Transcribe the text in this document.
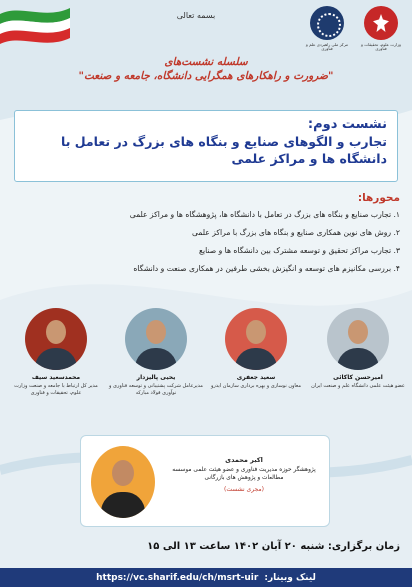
وزارت علوم، تحقیقات و فناوری
مرکز ملی راهبردی علم و فناوری
بسمه تعالی
سلسله نشست‌های
"ضرورت و راهکارهای همگرایی دانشگاه، جامعه و صنعت"
نشست دوم:
تجارب و الگوهای صنایع و بنگاه های بزرگ در تعامل با دانشگاه ها و مراکز علمی
محورها:
۱. تجارب صنایع و بنگاه های بزرگ در تعامل با دانشگاه ها، پژوهشگاه ها و مراکز علمی
۲. روش های نوین همکاری صنایع و بنگاه های بزرگ با مراکز علمی
۳. تجارب مراکز تحقیق و توسعه مشترک بین دانشگاه ها و صنایع
۴. بررسی مکانیزم های توسعه و انگیزش بخشی طرفین در همکاری صنعت و دانشگاه
امیرحسن کاکائی
عضو هیئت علمی دانشگاه علم و صنعت ایران
سعید جعفری
معاون نوسازی و بهره برداری سازمان ایدرو
یحیی پالیزدار
مدیرعامل شرکت پشتیبانی و توسعه فناوری و نوآوری فولاد مبارکه
محمدسعید سیف
مدیر کل ارتباط با جامعه و صنعت وزارت علوم، تحقیقات و فناوری
اکبر محمدی
پژوهشگر حوزه مدیریت فناوری و عضو هیئت علمی موسسه مطالعات و پژوهش های بازرگانی
(مجری نشست)
زمان برگزاری: شنبه ۲۰ آبان ۱۴۰۲ ساعت ۱۳ الی ۱۵
لینک وبینار:
https://vc.sharif.edu/ch/msrt-uir
